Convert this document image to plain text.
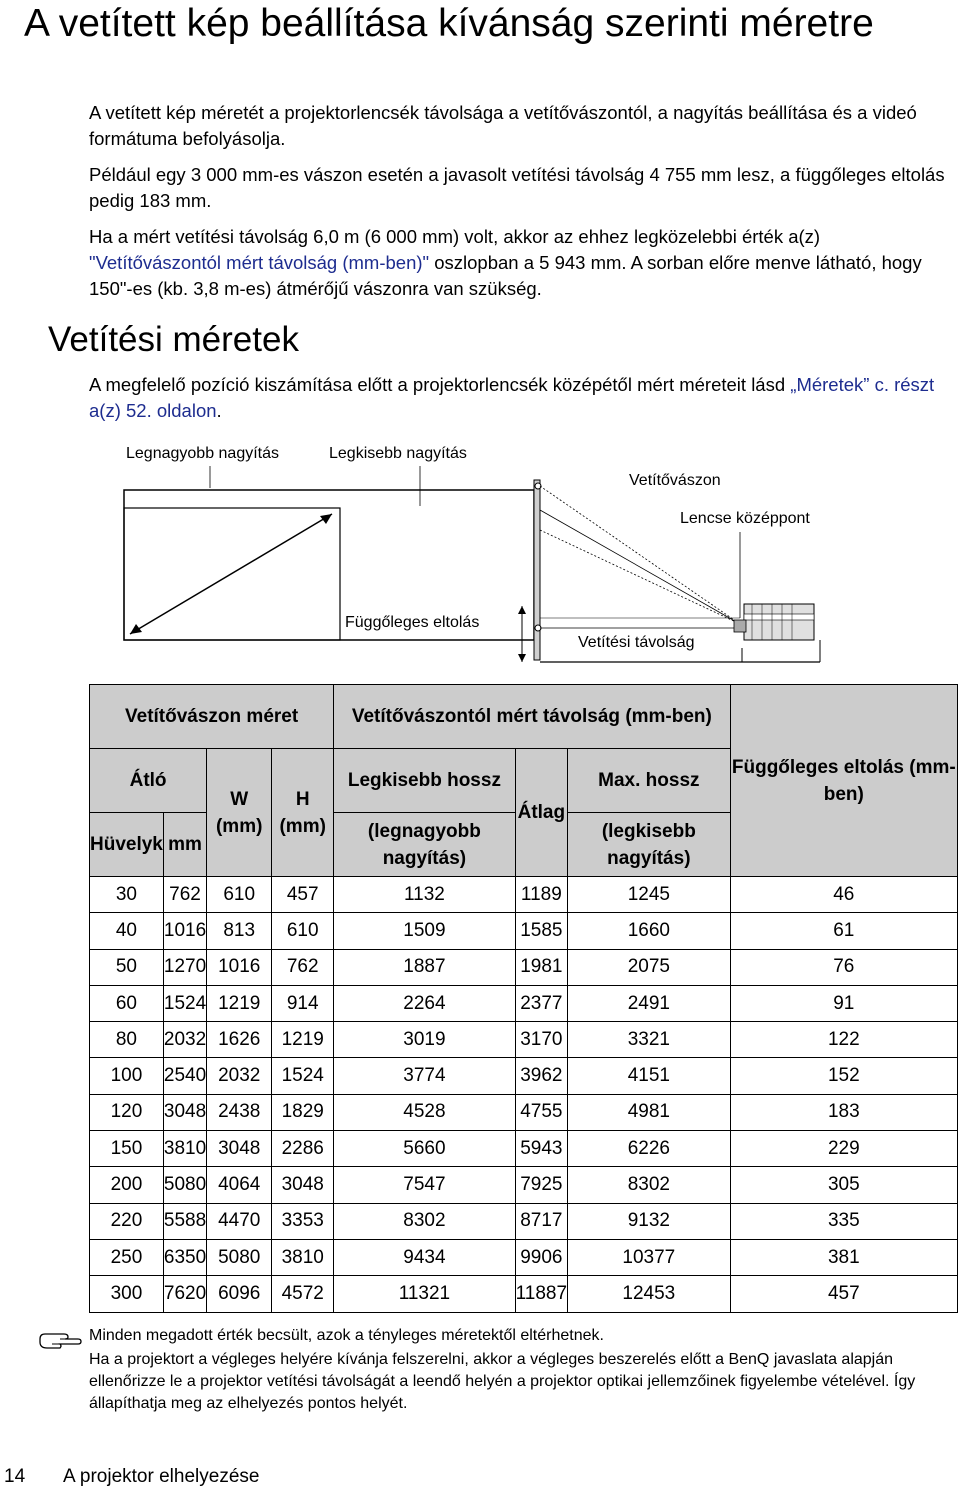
A vetített kép beállítása kívánság szerinti méretre

A vetített kép méretét a projektorlencsék távolsága a vetítővászontól, a nagyítás beállítása és a videó formátuma befolyásolja.

Például egy 3 000 mm-es vászon esetén a javasolt vetítési távolság 4 755 mm lesz, a függőleges eltolás pedig 183 mm.

Ha a mért vetítési távolság 6,0 m (6 000 mm) volt, akkor az ehhez legközelebbi érték a(z) "Vetítővászontól mért távolság (mm-ben)" oszlopban a 5 943 mm. A sorban előre menve látható, hogy 150"-es (kb. 3,8 m-es) átmérőjű vászonra van szükség.

Vetítési méretek

A megfelelő pozíció kiszámítása előtt a projektorlencsék középétől mért méreteit lásd „Méretek” c. részt a(z) 52. oldalon.

Legnagyobb nagyítás	Legkisebb nagyítás
Vetítővászon
Lencse középpont
Függőleges eltolás
Vetítési távolság
Vetítővászon méret				Vetítővászontól mért távolság (mm-ben)			Függőleges eltolás (mm-ben)
Átló		W (mm)	H (mm)	Legkisebb hossz	Átlag	Max. hossz	
Hüvelyk	mm						
				(legnagyobb nagyítás)		(legkisebb nagyítás)	
30	762	610	457	1132	1189	1245	46
40	1016	813	610	1509	1585	1660	61
50	1270	1016	762	1887	1981	2075	76
60	1524	1219	914	2264	2377	2491	91
80	2032	1626	1219	3019	3170	3321	122
100	2540	2032	1524	3774	3962	4151	152
120	3048	2438	1829	4528	4755	4981	183
150	3810	3048	2286	5660	5943	6226	229
200	5080	4064	3048	7547	7925	8302	305
220	5588	4470	3353	8302	8717	9132	335
250	6350	5080	3810	9434	9906	10377	381
300	7620	6096	4572	11321	11887	12453	457

Minden megadott érték becsült, azok a tényleges méretektől eltérhetnek.

Ha a projektort a végleges helyére kívánja felszerelni, akkor a végleges beszerelés előtt a BenQ javaslata alapján ellenőrizze le a projektor vetítési távolságát a leendő helyén a projektor optikai jellemzőinek figyelembe vételével. Így állapíthatja meg az elhelyezés pontos helyét.

14 A projektor elhelyezése
